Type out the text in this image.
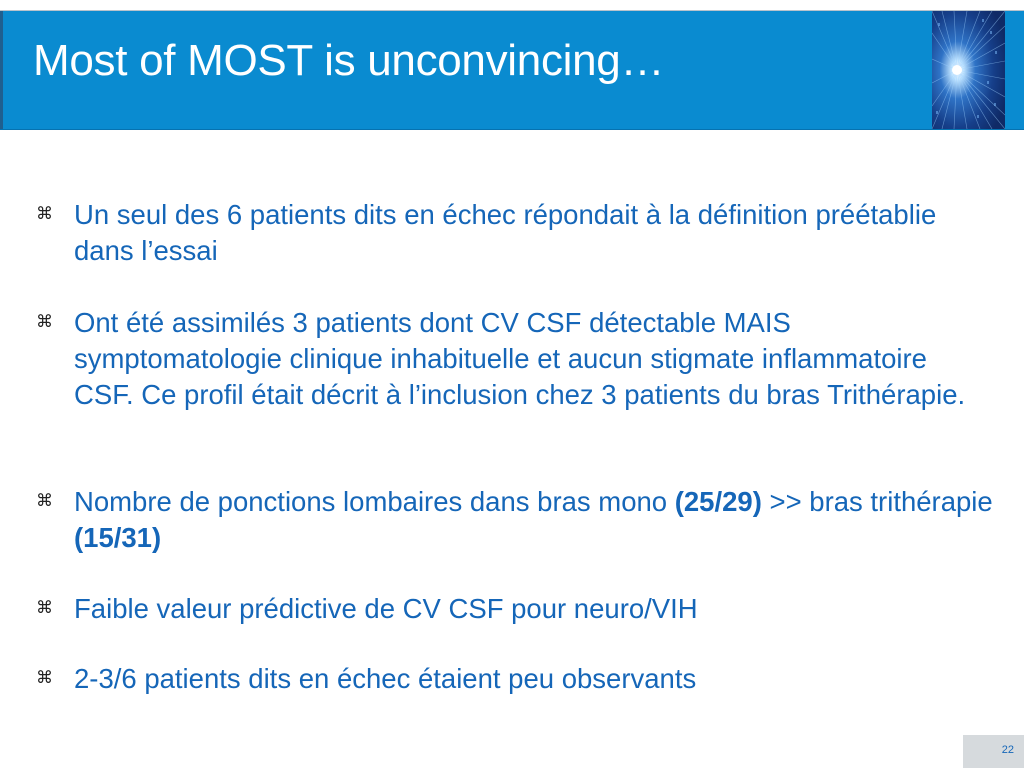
Most of MOST is unconvincing…
⌘ Un seul des 6 patients dits en échec répondait à la définition préétablie dans l’essai
⌘ Ont été assimilés 3 patients dont CV CSF détectable MAIS symptomatologie clinique inhabituelle et aucun stigmate inflammatoire CSF. Ce profil était décrit à l’inclusion chez 3 patients du bras Trithérapie.
⌘ Nombre de ponctions lombaires dans bras mono (25/29) >> bras trithérapie (15/31)
⌘ Faible valeur prédictive de CV CSF pour neuro/VIH
⌘ 2-3/6 patients dits en échec étaient peu observants
22
